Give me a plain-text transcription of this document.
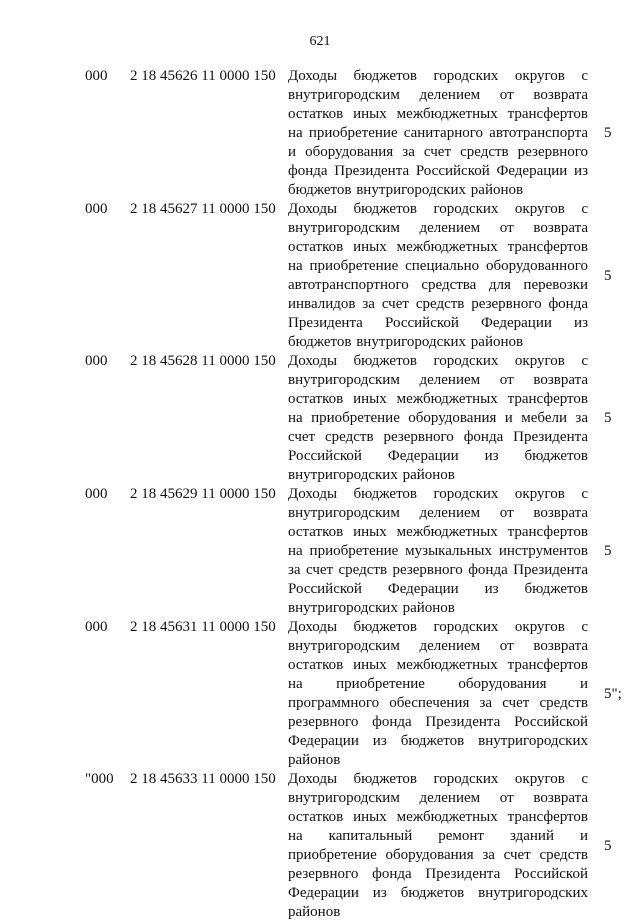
621
000 2 18 45626 11 0000 150 Доходы бюджетов городских округов с внутригородским делением от возврата остатков иных межбюджетных трансфертов на приобретение санитарного автотранспорта и оборудования за счет средств резервного фонда Президента Российской Федерации из бюджетов внутригородских районов
5
000 2 18 45627 11 0000 150 Доходы бюджетов городских округов с внутригородским делением от возврата остатков иных межбюджетных трансфертов на приобретение специально оборудованного автотранспортного средства для перевозки инвалидов за счет средств резервного фонда Президента Российской Федерации из бюджетов внутригородских районов
5
000 2 18 45628 11 0000 150 Доходы бюджетов городских округов с внутригородским делением от возврата остатков иных межбюджетных трансфертов на приобретение оборудования и мебели за счет средств резервного фонда Президента Российской Федерации из бюджетов внутригородских районов
5
000 2 18 45629 11 0000 150 Доходы бюджетов городских округов с внутригородским делением от возврата остатков иных межбюджетных трансфертов на приобретение музыкальных инструментов за счет средств резервного фонда Президента Российской Федерации из бюджетов внутригородских районов
5
000 2 18 45631 11 0000 150 Доходы бюджетов городских округов с внутригородским делением от возврата остатков иных межбюджетных трансфертов на приобретение оборудования и программного обеспечения за счет средств резервного фонда Президента Российской Федерации из бюджетов внутригородских районов
5";
"000 2 18 45633 11 0000 150 Доходы бюджетов городских округов с внутригородским делением от возврата остатков иных межбюджетных трансфертов на капитальный ремонт зданий и приобретение оборудования за счет средств резервного фонда Президента Российской Федерации из бюджетов внутригородских районов
5
